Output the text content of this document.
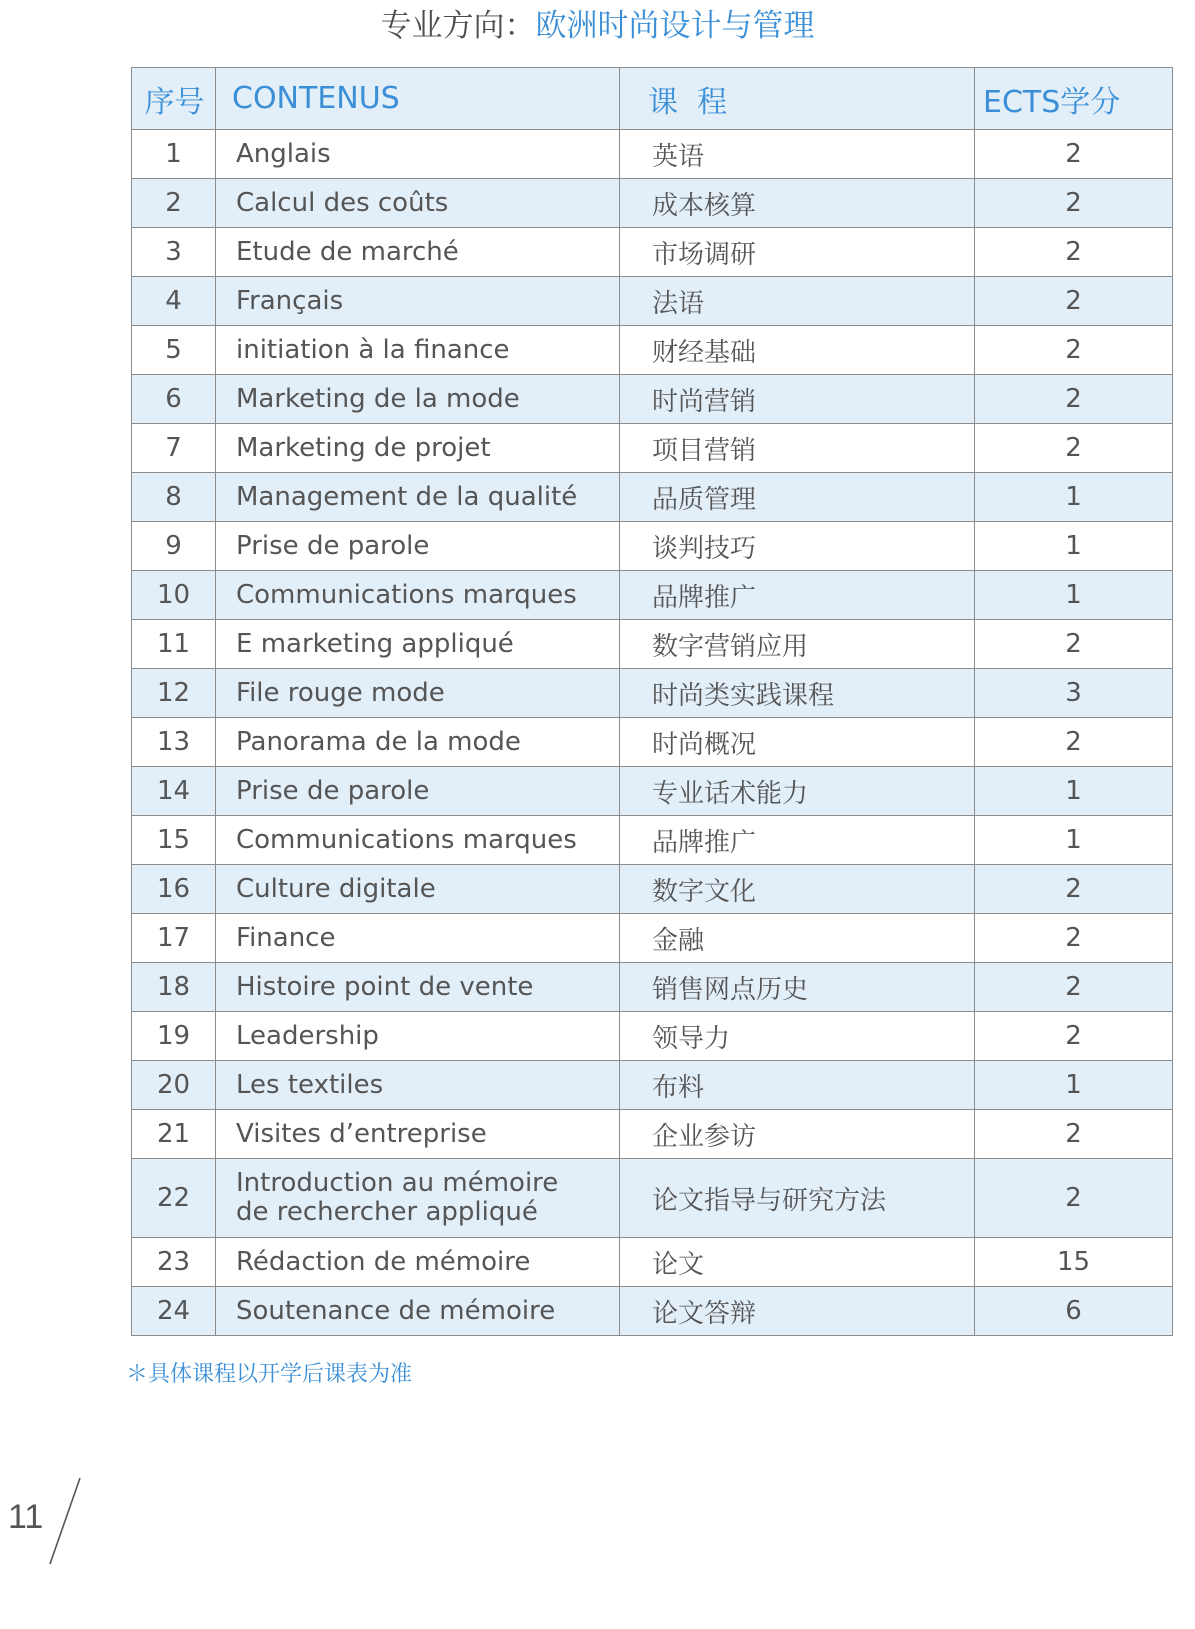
专业方向：欧洲时尚设计与管理
序号	CONTENUS	课  程	ECTS学分
1	Anglais	英语	2
2	Calcul des coûts	成本核算	2
3	Etude de marché	市场调研	2
4	Français	法语	2
5	initiation à la finance	财经基础	2
6	Marketing de la mode	时尚营销	2
7	Marketing de projet	项目营销	2
8	Management de la qualité	品质管理	1
9	Prise de parole	谈判技巧	1
10	Communications marques	品牌推广	1
11	E marketing appliqué	数字营销应用	2
12	File rouge mode	时尚类实践课程	3
13	Panorama de la mode	时尚概况	2
14	Prise de parole	专业话术能力	1
15	Communications marques	品牌推广	1
16	Culture digitale	数字文化	2
17	Finance	金融	2
18	Histoire point de vente	销售网点历史	2
19	Leadership	领导力	2
20	Les textiles	布料	1
21	Visites d’entreprise	企业参访	2
22	Introduction au mémoire
de rechercher appliqué	论文指导与研究方法	2
23	Rédaction de mémoire	论文	15
24	Soutenance de mémoire	论文答辩	6
＊具体课程以开学后课表为准
11
